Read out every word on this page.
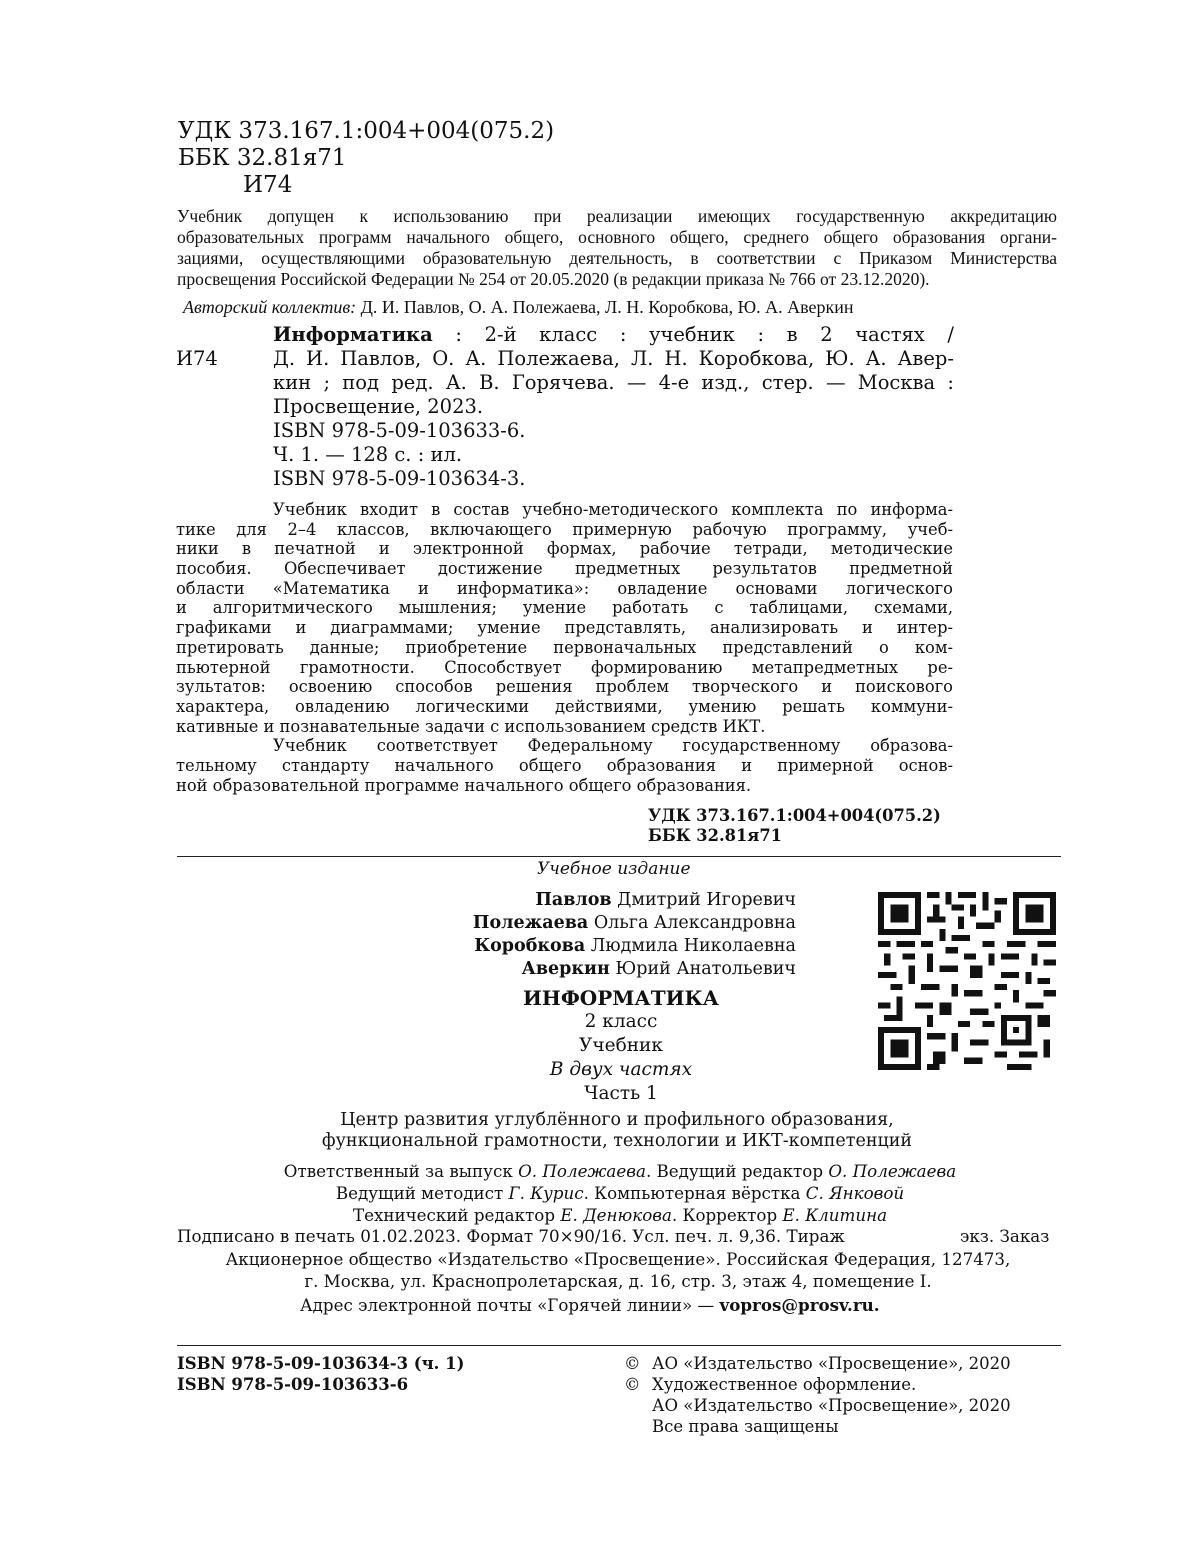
УДК 373.167.1:004+004(075.2)
ББК 32.81я71
И74
Учебник допущен к использованию при реализации имеющих государственную аккредитацию
образовательных программ начального общего, основного общего, среднего общего образования органи-
зациями, осуществляющими образовательную деятельность, в соответствии с Приказом Министерства
просвещения Российской Федерации № 254 от 20.05.2020 (в редакции приказа № 766 от 23.12.2020).
Авторский коллектив: Д. И. Павлов, О. А. Полежаева, Л. Н. Коробкова, Ю. А. Аверкин
Информатика : 2-й класс : учебник : в 2 частях /
И74	Д. И. Павлов, О. А. Полежаева, Л. Н. Коробкова, Ю. А. Авер-
кин ; под ред. А. В. Горячева. — 4-е изд., стер. — Москва :
Просвещение, 2023.
ISBN 978-5-09-103633-6.
Ч. 1. — 128 с. : ил.
ISBN 978-5-09-103634-3.
Учебник входит в состав учебно-методического комплекта по информа-
тике для 2–4 классов, включающего примерную рабочую программу, учеб-
ники в печатной и электронной формах, рабочие тетради, методические
пособия. Обеспечивает достижение предметных результатов предметной
области «Математика и информатика»: овладение основами логического
и алгоритмического мышления; умение работать с таблицами, схемами,
графиками и диаграммами; умение представлять, анализировать и интер-
претировать данные; приобретение первоначальных представлений о ком-
пьютерной грамотности. Способствует формированию метапредметных ре-
зультатов: освоению способов решения проблем творческого и поискового
характера, овладению логическими действиями, умению решать коммуни-
кативные и познавательные задачи с использованием средств ИКТ.
Учебник соответствует Федеральному государственному образова-
тельному стандарту начального общего образования и примерной основ-
ной образовательной программе начального общего образования.
УДК 373.167.1:004+004(075.2)
ББК 32.81я71
Учебное издание
Павлов Дмитрий Игоревич
Полежаева Ольга Александровна
Коробкова Людмила Николаевна
Аверкин Юрий Анатольевич
ИНФОРМАТИКА
2 класс
Учебник
В двух частях
Часть 1
Центр развития углублённого и профильного образования,
функциональной грамотности, технологии и ИКТ-компетенций
Ответственный за выпуск О. Полежаева. Ведущий редактор О. Полежаева
Ведущий методист Г. Курис. Компьютерная вёрстка С. Янковой
Технический редактор Е. Денюкова. Корректор Е. Клитина
Подписано в печать 01.02.2023. Формат 70×90/16. Усл. печ. л. 9,36. Тираж	экз. Заказ
Акционерное общество «Издательство «Просвещение». Российская Федерация, 127473,
г. Москва, ул. Краснопролетарская, д. 16, стр. 3, этаж 4, помещение I.
Адрес электронной почты «Горячей линии» — vopros@prosv.ru.
ISBN 978-5-09-103634-3 (ч. 1)
ISBN 978-5-09-103633-6
© АО «Издательство «Просвещение», 2020
© Художественное оформление.
АО «Издательство «Просвещение», 2020
Все права защищены
